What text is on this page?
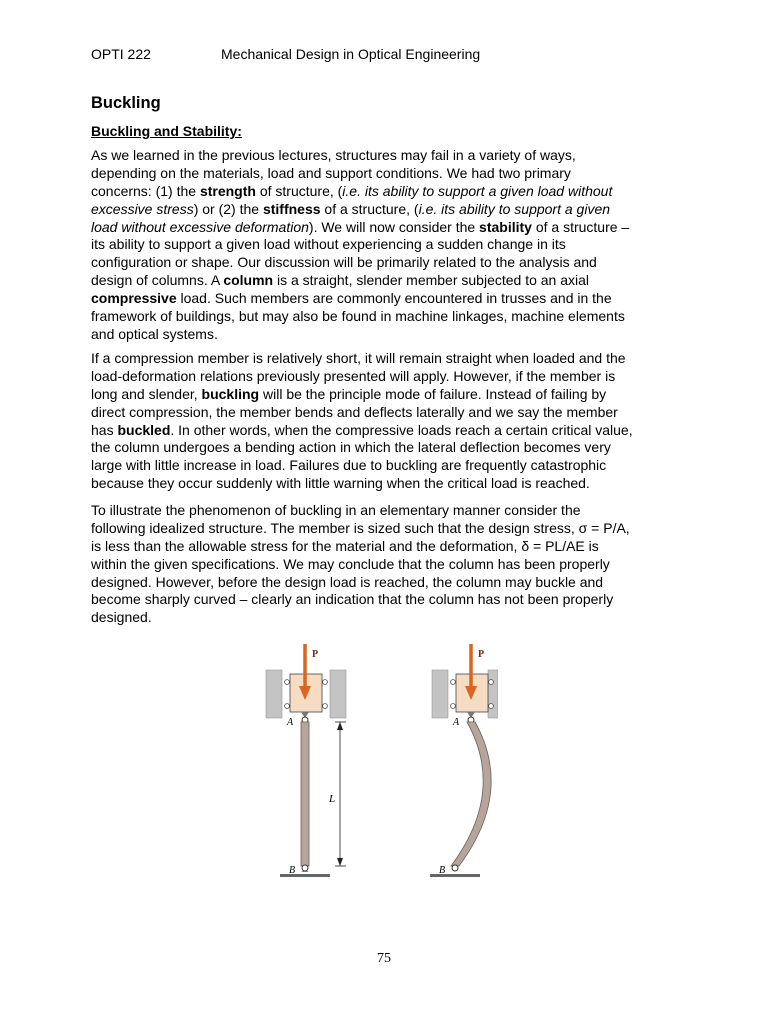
OPTI 222	Mechanical Design in Optical Engineering
Buckling
Buckling and Stability:
As we learned in the previous lectures, structures may fail in a variety of ways,
depending on the materials, load and support conditions. We had two primary
concerns: (1) the strength of structure, (i.e. its ability to support a given load without
excessive stress) or (2) the stiffness of a structure, (i.e. its ability to support a given
load without excessive deformation). We will now consider the stability of a structure –
its ability to support a given load without experiencing a sudden change in its
configuration or shape. Our discussion will be primarily related to the analysis and
design of columns. A column is a straight, slender member subjected to an axial
compressive load. Such members are commonly encountered in trusses and in the
framework of buildings, but may also be found in machine linkages, machine elements
and optical systems.
If a compression member is relatively short, it will remain straight when loaded and the
load-deformation relations previously presented will apply. However, if the member is
long and slender, buckling will be the principle mode of failure. Instead of failing by
direct compression, the member bends and deflects laterally and we say the member
has buckled. In other words, when the compressive loads reach a certain critical value,
the column undergoes a bending action in which the lateral deflection becomes very
large with little increase in load. Failures due to buckling are frequently catastrophic
because they occur suddenly with little warning when the critical load is reached.
To illustrate the phenomenon of buckling in an elementary manner consider the
following idealized structure. The member is sized such that the design stress, σ = P/A,
is less than the allowable stress for the material and the deformation, δ = PL/AE is
within the given specifications. We may conclude that the column has been properly
designed. However, before the design load is reached, the column may buckle and
become sharply curved – clearly an indication that the column has not been properly
designed.
P
A
B
L
P
A
B
75
